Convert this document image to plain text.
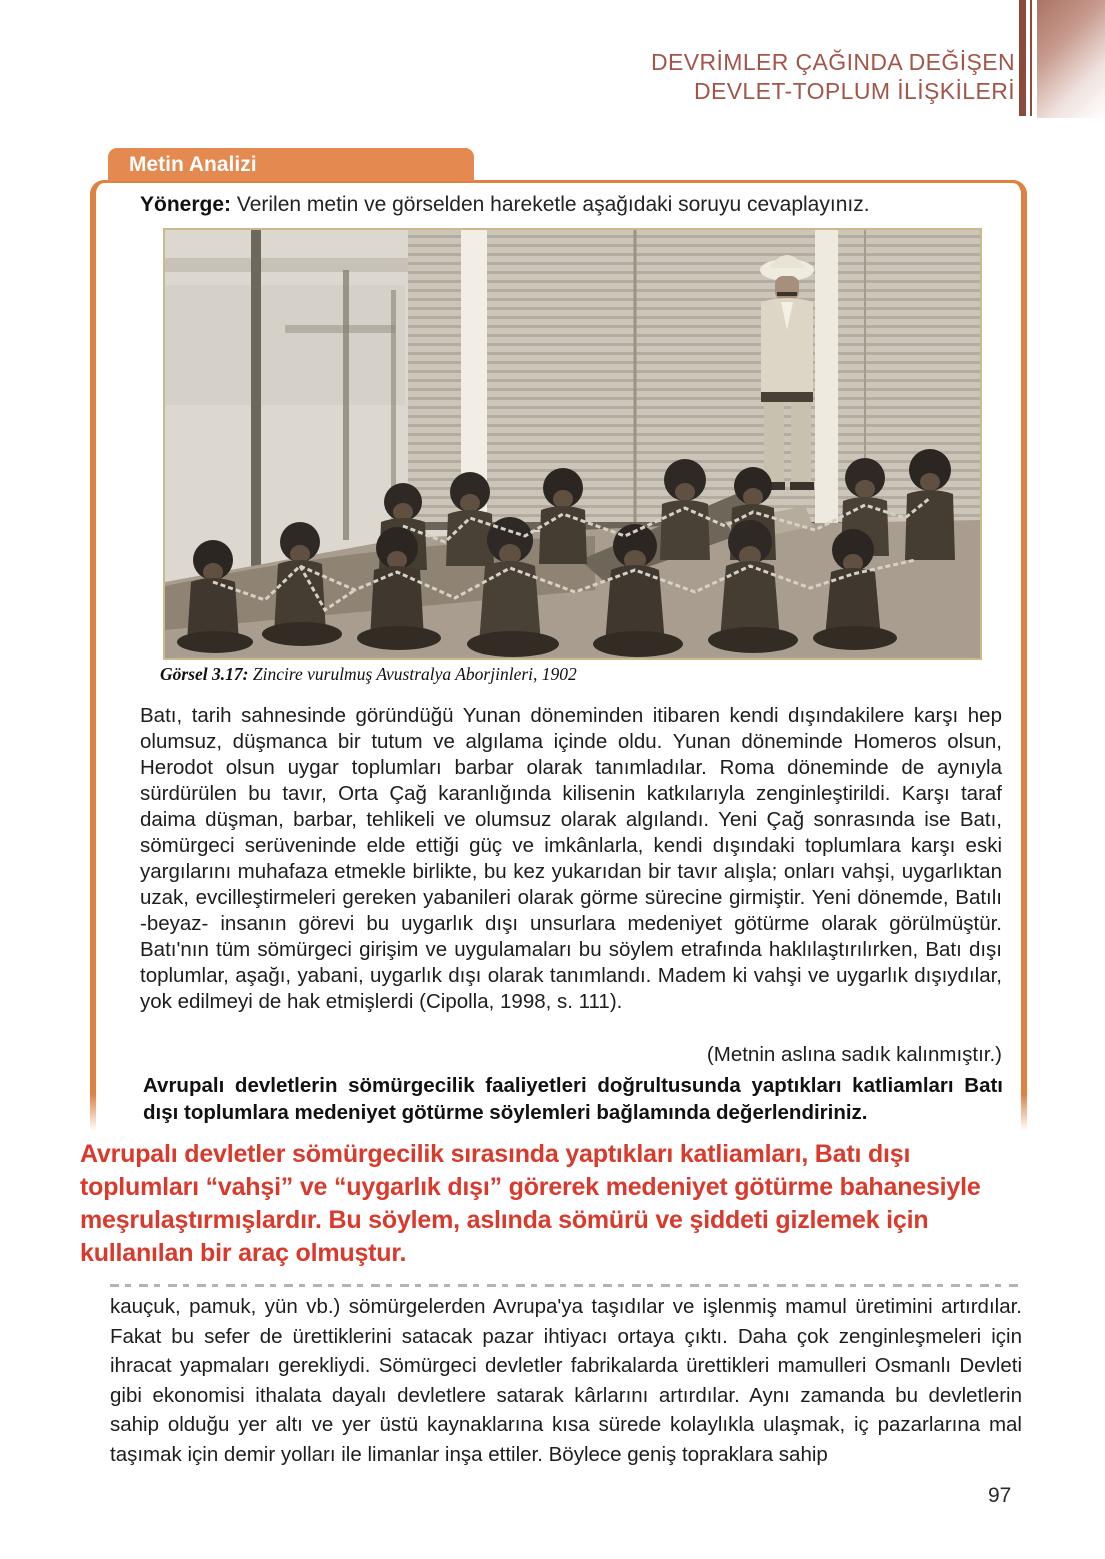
DEVRİMLER ÇAĞINDA DEĞİŞEN
DEVLET-TOPLUM İLİŞKİLERİ
Metin Analizi
Yönerge: Verilen metin ve görselden hareketle aşağıdaki soruyu cevaplayınız.
Görsel 3.17: Zincire vurulmuş Avustralya Aborjinleri, 1902
Batı, tarih sahnesinde göründüğü Yunan döneminden itibaren kendi dışındakilere karşı hep olumsuz, düşmanca bir tutum ve algılama içinde oldu. Yunan döneminde Homeros olsun, Herodot olsun uygar toplumları barbar olarak tanımladılar. Roma döneminde de aynıyla sürdürülen bu tavır, Orta Çağ karanlığında kilisenin katkılarıyla zenginleştirildi. Karşı taraf daima düşman, barbar, tehlikeli ve olumsuz olarak algılandı. Yeni Çağ sonrasında ise Batı, sömürgeci serüveninde elde ettiği güç ve imkânlarla, kendi dışındaki toplumlara karşı eski yargılarını muhafaza etmekle birlikte, bu kez yukarıdan bir tavır alışla; onları vahşi, uygarlıktan uzak, evcilleştirmeleri gereken yabanileri olarak görme sürecine girmiştir. Yeni dönemde, Batılı -beyaz- insanın görevi bu uygarlık dışı unsurlara medeniyet götürme olarak görülmüştür. Batı'nın tüm sömürgeci girişim ve uygulamaları bu söylem etrafında haklılaştırılırken, Batı dışı toplumlar, aşağı, yabani, uygarlık dışı olarak tanımlandı. Madem ki vahşi ve uygarlık dışıydılar, yok edilmeyi de hak etmişlerdi (Cipolla, 1998, s. 111).
(Metnin aslına sadık kalınmıştır.)
Avrupalı devletlerin sömürgecilik faaliyetleri doğrultusunda yaptıkları katliamları Batı dışı toplumlara medeniyet götürme söylemleri bağlamında değerlendiriniz.
Avrupalı devletler sömürgecilik sırasında yaptıkları katliamları, Batı dışı toplumları “vahşi” ve “uygarlık dışı” görerek medeniyet götürme bahanesiyle meşrulaştırmışlardır. Bu söylem, aslında sömürü ve şiddeti gizlemek için kullanılan bir araç olmuştur.
kauçuk, pamuk, yün vb.) sömürgelerden Avrupa'ya taşıdılar ve işlenmiş mamul üretimini artırdılar. Fakat bu sefer de ürettiklerini satacak pazar ihtiyacı ortaya çıktı. Daha çok zenginleşmeleri için ihracat yapmaları gerekliydi. Sömürgeci devletler fabrikalarda ürettikleri mamulleri Osmanlı Devleti gibi ekonomisi ithalata dayalı devletlere satarak kârlarını artırdılar. Aynı zamanda bu devletlerin sahip olduğu yer altı ve yer üstü kaynaklarına kısa sürede kolaylıkla ulaşmak, iç pazarlarına mal taşımak için demir yolları ile limanlar inşa ettiler. Böylece geniş topraklara sahip
97
